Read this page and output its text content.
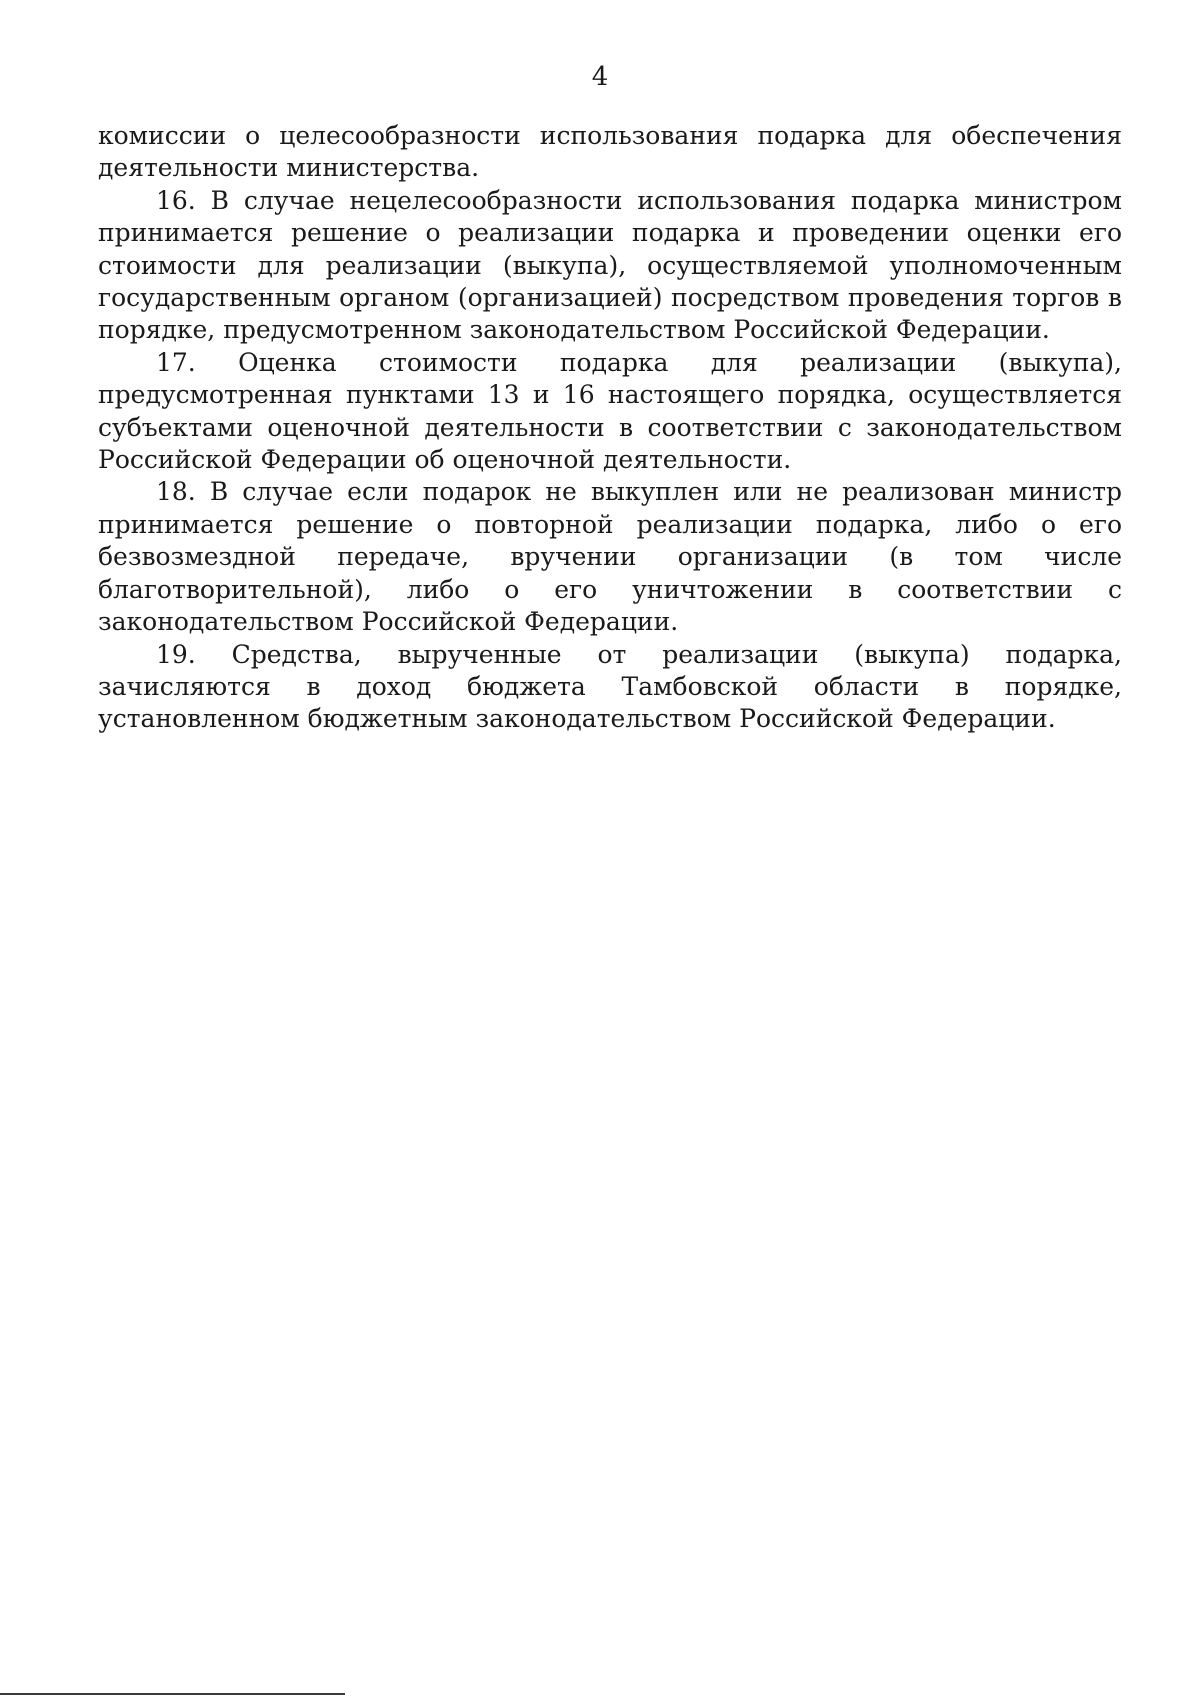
4

комиссии о целесообразности использования подарка для обеспечения деятельности министерства.

16. В случае нецелесообразности использования подарка министром принимается решение о реализации подарка и проведении оценки его стоимости для реализации (выкупа), осуществляемой уполномоченным государственным органом (организацией) посредством проведения торгов в порядке, предусмотренном законодательством Российской Федерации.

17. Оценка стоимости подарка для реализации (выкупа), предусмотренная пунктами 13 и 16 настоящего порядка, осуществляется субъектами оценочной деятельности в соответствии с законодательством Российской Федерации об оценочной деятельности.

18. В случае если подарок не выкуплен или не реализован министр принимается решение о повторной реализации подарка, либо о его безвозмездной передаче, вручении организации (в том числе благотворительной), либо о его уничтожении в соответствии с законодательством Российской Федерации.

19. Средства, вырученные от реализации (выкупа) подарка, зачисляются в доход бюджета Тамбовской области в порядке, установленном бюджетным законодательством Российской Федерации.
